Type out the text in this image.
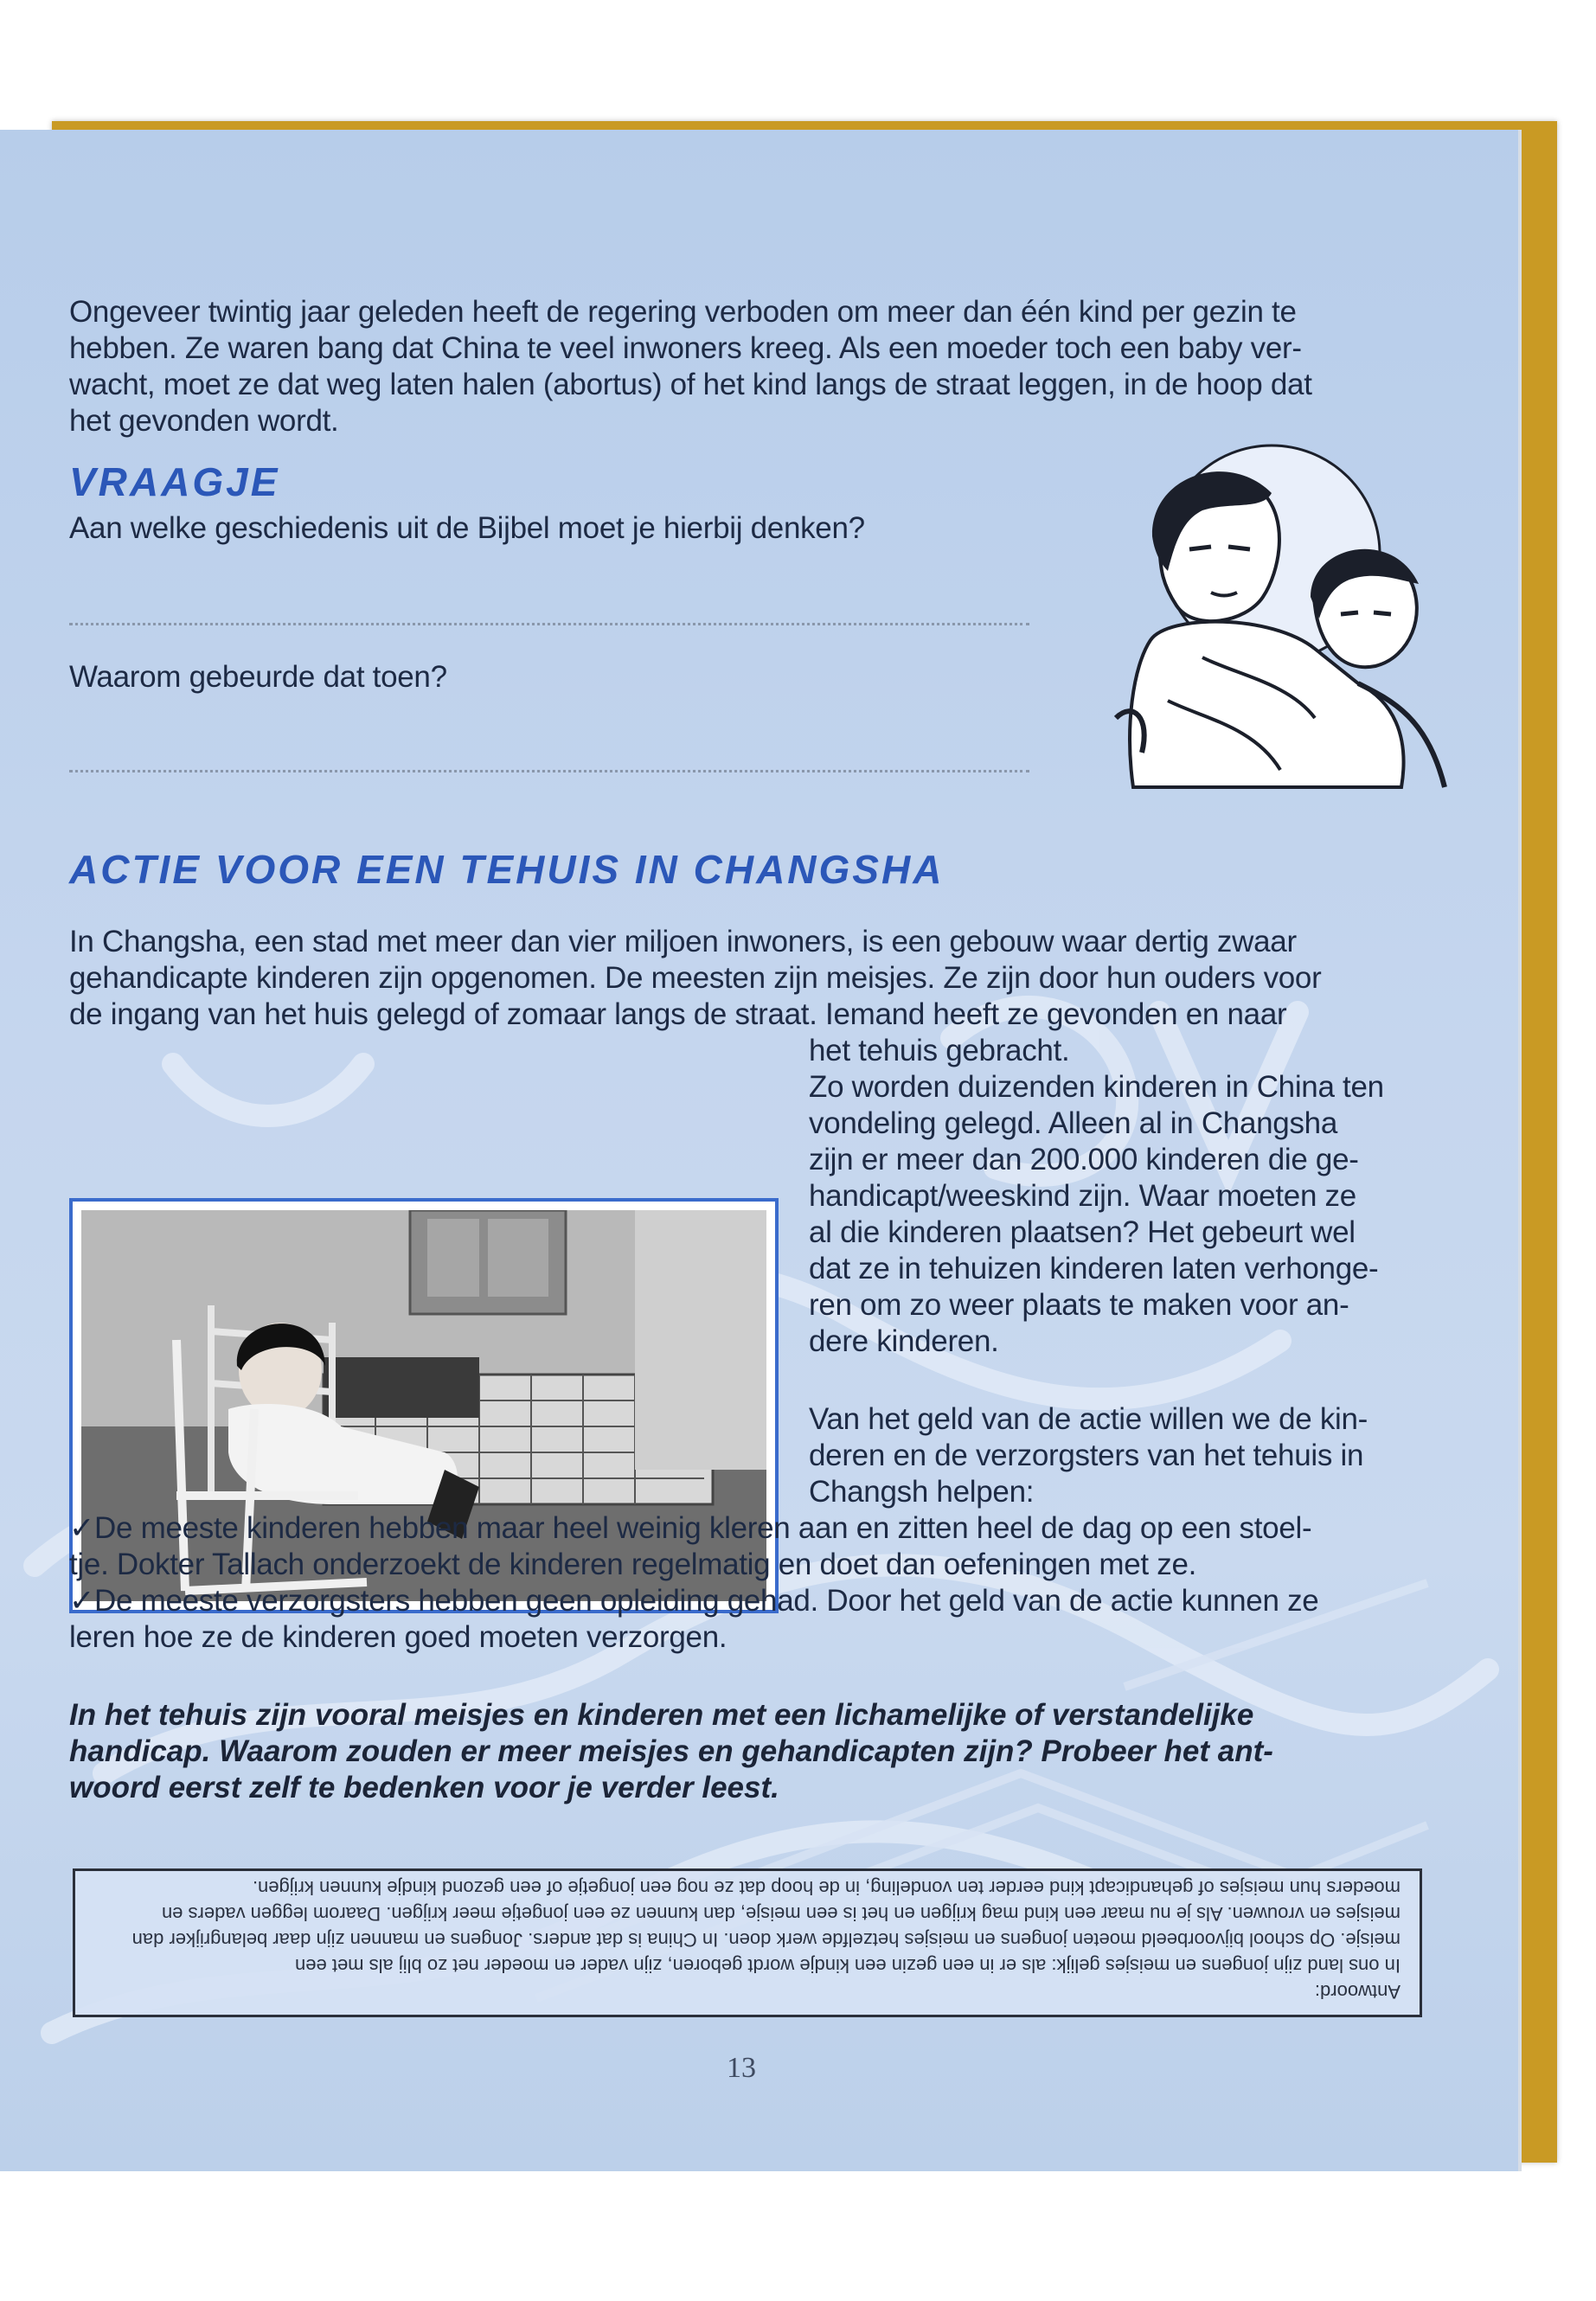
Ongeveer twintig jaar geleden heeft de regering verboden om meer dan één kind per gezin te
hebben. Ze waren bang dat China te veel inwoners kreeg. Als een moeder toch een baby ver-
wacht, moet ze dat weg laten halen (abortus) of het kind langs de straat leggen, in de hoop dat
het gevonden wordt.
VRAAGJE
Aan welke geschiedenis uit de Bijbel moet je hierbij denken?
Waarom gebeurde dat toen?
ACTIE VOOR EEN TEHUIS IN CHANGSHA
In Changsha, een stad met meer dan vier miljoen inwoners, is een gebouw waar dertig zwaar
gehandicapte kinderen zijn opgenomen. De meesten zijn meisjes. Ze zijn door hun ouders voor
de ingang van het huis gelegd of zomaar langs de straat. Iemand heeft ze gevonden en naar
het tehuis gebracht.
Zo worden duizenden kinderen in China ten
vondeling gelegd. Alleen al in Changsha
zijn er meer dan 200.000 kinderen die ge-
handicapt/weeskind zijn. Waar moeten ze
al die kinderen plaatsen? Het gebeurt wel
dat ze in tehuizen kinderen laten verhonge-
ren om zo weer plaats te maken voor an-
dere kinderen.
Van het geld van de actie willen we de kin-
deren en de verzorgsters van het tehuis in
Changsh helpen:
✓De meeste kinderen hebben maar heel weinig kleren aan en zitten heel de dag op een stoel-
tje. Dokter Tallach onderzoekt de kinderen regelmatig en doet dan oefeningen met ze.
✓De meeste verzorgsters hebben geen opleiding gehad. Door het geld van de actie kunnen ze
leren hoe ze de kinderen goed moeten verzorgen.
In het tehuis zijn vooral meisjes en kinderen met een lichamelijke of verstandelijke
handicap. Waarom zouden er meer meisjes en gehandicapten zijn? Probeer het ant-
woord eerst zelf te bedenken voor je verder leest.

Antwoord:

In ons land zijn jongens en meisjes gelijk: als er in een gezin een kindje wordt geboren, zijn vader en moeder net zo blij als met een

meisje. Op school bijvoorbeeld moeten jongens en meisjes hetzelfde werk doen. In China is dat anders. Jongens en mannen zijn daar belangrijker dan

meisjes en vrouwen. Als je nu maar een kind mag krijgen en het is een meisje, dan kunnen ze een jongetje meer krijgen. Daarom leggen vaders en

moeders hun meisjes of gehandicapt kind eerder ten vondeling, in de hoop dat ze nog een jongetje of een gezond kindje kunnen krijgen.

13
